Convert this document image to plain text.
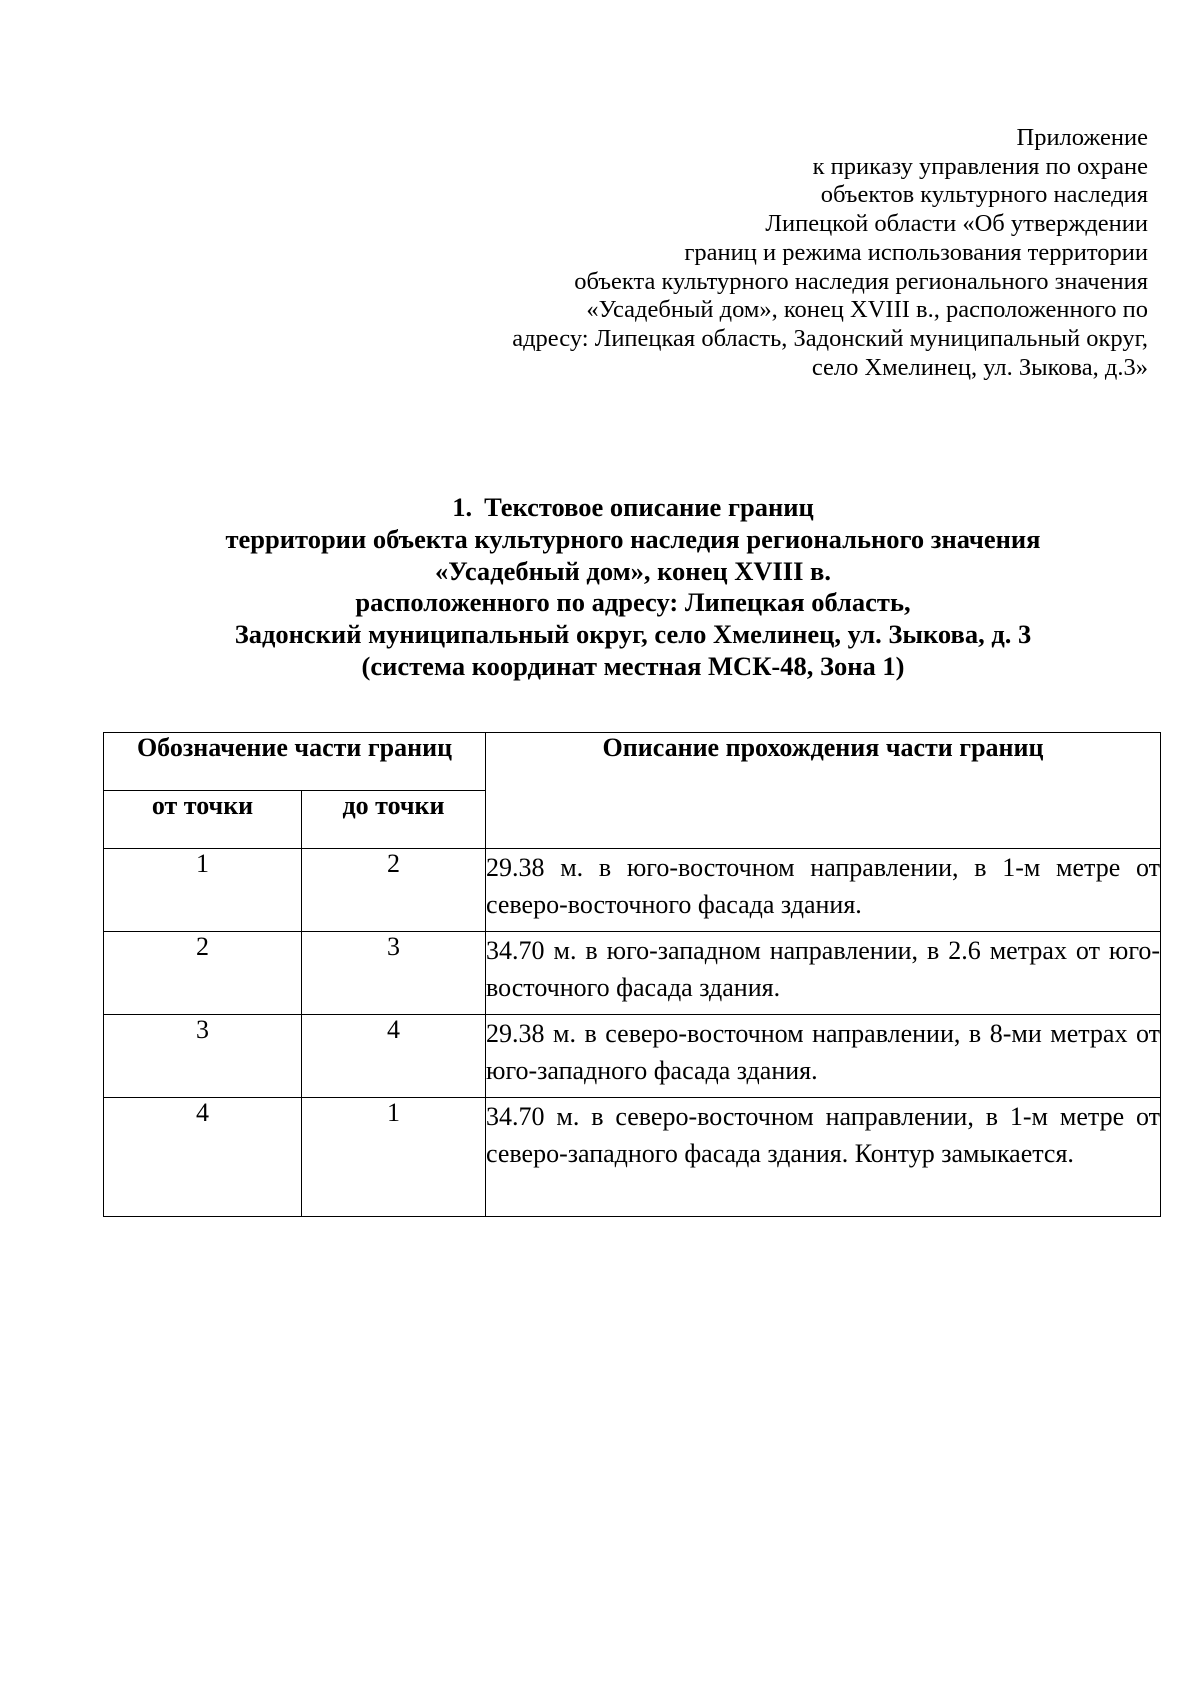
Приложение
к приказу управления по охране
объектов культурного наследия
Липецкой области «Об утверждении
границ и режима использования территории
объекта культурного наследия регионального значения
«Усадебный дом», конец XVIII в., расположенного по
адресу: Липецкая область, Задонский муниципальный округ,
село Хмелинец, ул. Зыкова, д.3»
1. Текстовое описание границ
территории объекта культурного наследия регионального значения
«Усадебный дом», конец XVIII в.
расположенного по адресу: Липецкая область,
Задонский муниципальный округ, село Хмелинец, ул. Зыкова, д. 3
(система координат местная МСК-48, Зона 1)
Обозначение части границ		Описание прохождения части границ
от точки	до точки	
1	2	29.38 м. в юго-восточном направлении, в 1-м метре от северо-восточного фасада здания.
2	3	34.70 м. в юго-западном направлении, в 2.6 метрах от юго-восточного фасада здания.
3	4	29.38 м. в северо-восточном направлении, в 8-ми метрах от юго-западного фасада здания.
4	1	34.70 м. в северо-восточном направлении, в 1-м метре от северо-западного фасада здания. Контур замыкается.
